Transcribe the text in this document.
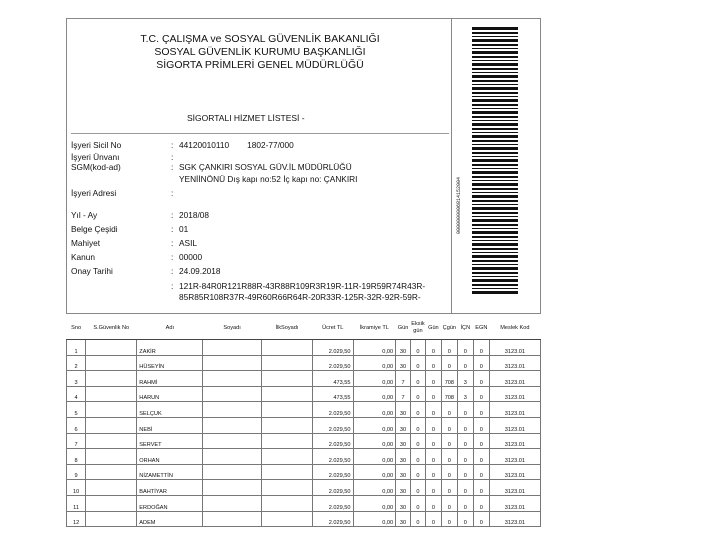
T.C. ÇALIŞMA ve SOSYAL GÜVENLİK BAKANLIĞI
SOSYAL GÜVENLİK KURUMU BAŞKANLIĞI
SİGORTA PRİMLERİ GENEL MÜDÜRLÜĞÜ
SİGORTALI HİZMET LİSTESİ -
İşyeri Sicil No	: 44120010110 1802-77/000
İşyeri Ünvanı	:
SGM(kod-ad)	: SGK ÇANKIRI SOSYAL GÜV.İL MÜDÜRLÜĞÜ
YENİİNÖNÜ Dış kapı no:52 İç kapı no: ÇANKIRI
İşyeri Adresi	:
Yıl - Ay	: 2018/08
Belge Çeşidi	: 01
Mahiyet	: ASIL
Kanun	: 00000
Onay Tarihi	: 24.09.2018
: 121R-84R0R121R88R-43R88R109R3R19R-11R-19R59R74R43R-
85R85R108R37R-49R60R66R64R-20R33R-125R-32R-92R-59R-
0000000006814152004
Sno	S.Güvenlik No	Adı	Soyadı	İlkSoyadı	Ücret TL	İkramiye TL	Gün	Eksik gün	Gün	Çgün	İÇN	EGN	Meslek Kod
1		ZAKİR			2.029,50	0,00	30	0	0	0	0	0	3123.01
2		HÜSEYİN			2.029,50	0,00	30	0	0	0	0	0	3123.01
3		RAHMİ			473,55	0,00	7	0	0	708	3	0	3123.01
4		HARUN			473,55	0,00	7	0	0	708	3	0	3123.01
5		SELÇUK			2.029,50	0,00	30	0	0	0	0	0	3123.01
6		NEBİ			2.029,50	0,00	30	0	0	0	0	0	3123.01
7		SERVET			2.029,50	0,00	30	0	0	0	0	0	3123.01
8		ORHAN			2.029,50	0,00	30	0	0	0	0	0	3123.01
9		NİZAMETTİN			2.029,50	0,00	30	0	0	0	0	0	3123.01
10		BAHTİYAR			2.029,50	0,00	30	0	0	0	0	0	3123.01
11		ERDOĞAN			2.029,50	0,00	30	0	0	0	0	0	3123.01
12		ADEM			2.029,50	0,00	30	0	0	0	0	0	3123.01
